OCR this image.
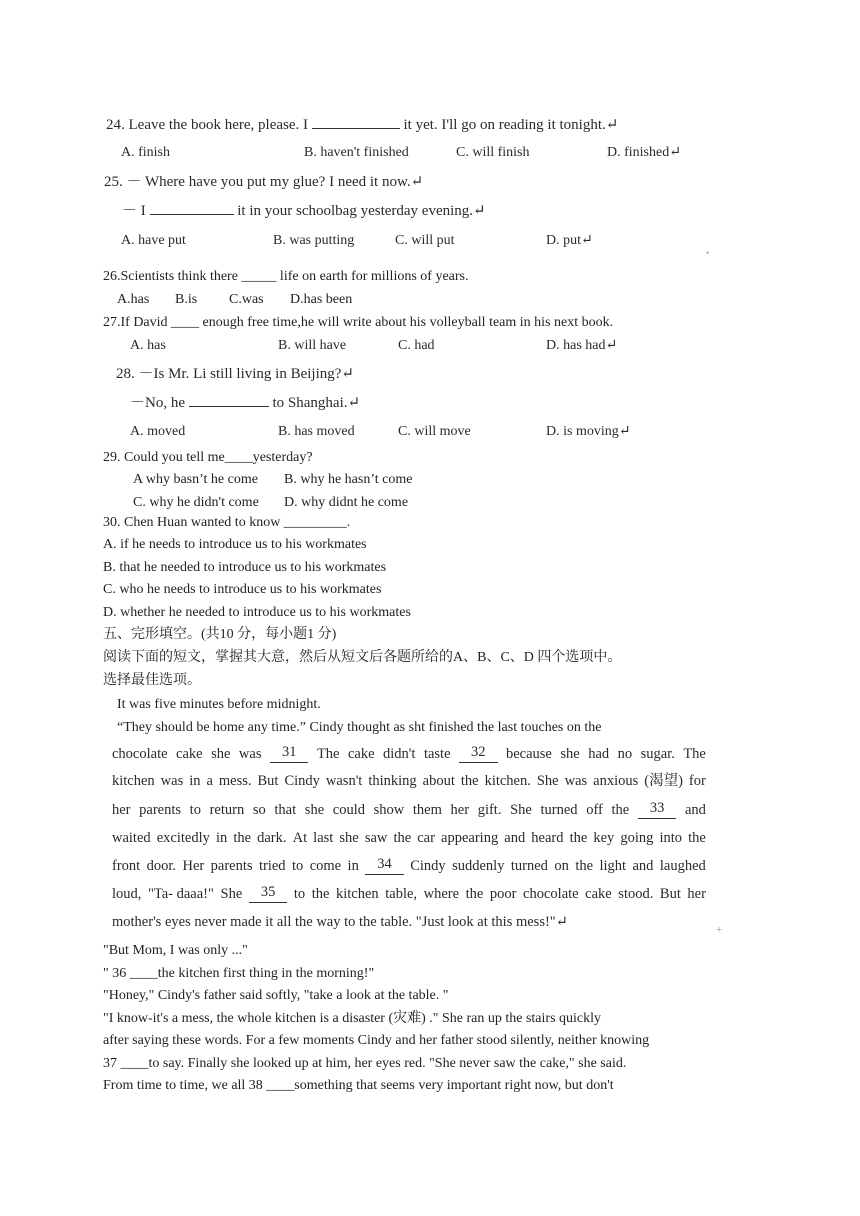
24. Leave the book here, please. I	it yet. I'll go on reading it tonight.↵
A. finish	B. haven't finished	C. will finish	D. finished↵
25. － Where have you put my glue? I need it now.↵
－ I	it in your schoolbag yesterday evening.↵
A. have put	B. was putting	C. will put	D. put↵
•
26.Scientists think there _____ life on earth for millions of years.
A.has B.is C.was D.has been
27.If David ____ enough free time,he will write about his volleyball team in his next book.
A. has	B. will have	C. had	D. has had↵
28. －Is Mr. Li still living in Beijing?↵
－No, he	to Shanghai.↵
A. moved	B. has moved	C. will move	D. is moving↵
29. Could you tell me____yesterday?
A why basn’t he come B. why he hasn’t come
C. why he didn't come D. why didnt he come
30. Chen Huan wanted to know _________.
A. if he needs to introduce us to his workmates
B. that he needed to introduce us to his workmates
C. who he needs to introduce us to his workmates
D. whether he needed to introduce us to his workmates
五、完形填空。(共10 分，每小题1 分)
阅读下面的短文，掌握其大意，然后从短文后各题所给的A、B、C、D 四个选项中。
选择最佳选项。
It was five minutes before midnight.
“They should be home any time.” Cindy thought as sht finished the last touches on the
chocolate cake she was	31	The cake didn't taste	32	because she had no sugar. The
kitchen was in a mess. But Cindy wasn't thinking about the kitchen. She was anxious (渴望) for
her parents to return so that she could show them her gift. She turned off the	33	and
waited excitedly in the dark. At last she saw the car appearing and heard the key going into the
front door. Her parents tried to come in	34	Cindy suddenly turned on the light and laughed
loud, "Ta- daaa!" She	35	to the kitchen table, where the poor chocolate cake stood. But her
mother's eyes never made it all the way to the table. "Just look at this mess!" ↵	+
"But Mom, I was only ..."
" 36 ____the kitchen first thing in the morning!"
"Honey," Cindy's father said softly, "take a look at the table. "
"I know-it's a mess, the whole kitchen is a disaster (灾难) ." She ran up the stairs quickly
after saying these words. For a few moments Cindy and her father stood silently, neither knowing
37 ____to say. Finally she looked up at him, her eyes red. "She never saw the cake," she said.
From time to time, we all 38 ____something that seems very important right now, but don't
